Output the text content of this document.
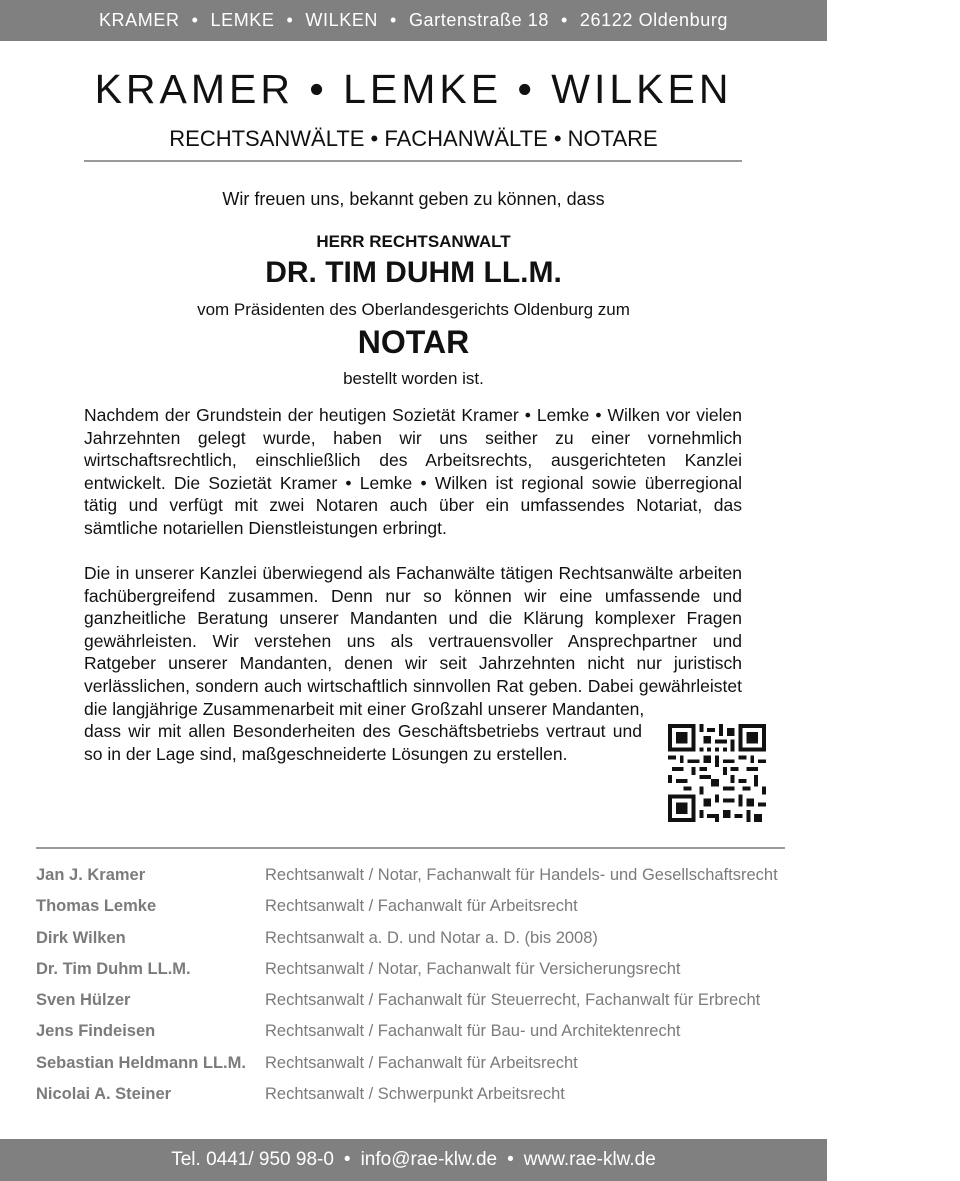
KRAMER • LEMKE • WILKEN • Gartenstraße 18 • 26122 Oldenburg
KRAMER • LEMKE • WILKEN
RECHTSANWÄLTE • FACHANWÄLTE • NOTARE
Wir freuen uns, bekannt geben zu können, dass
HERR RECHTSANWALT
DR. TIM DUHM LL.M.
vom Präsidenten des Oberlandesgerichts Oldenburg zum
NOTAR
bestellt worden ist.
Nachdem der Grundstein der heutigen Sozietät Kramer • Lemke • Wilken vor vielen Jahrzehnten gelegt wurde, haben wir uns seither zu einer vornehmlich wirtschaftsrechtlich, einschließlich des Arbeitsrechts, ausgerichteten Kanzlei entwickelt. Die Sozietät Kramer • Lemke • Wilken ist regional sowie überregional tätig und verfügt mit zwei Notaren auch über ein umfassendes Notariat, das sämtliche notariellen Dienstleistungen erbringt.
Die in unserer Kanzlei überwiegend als Fachanwälte tätigen Rechtsanwälte arbeiten fachübergreifend zusammen. Denn nur so können wir eine umfassende und ganzheitliche Beratung unserer Mandanten und die Klärung komplexer Fragen gewährleisten. Wir verstehen uns als vertrauensvoller Ansprechpartner und Ratgeber unserer Mandanten, denen wir seit Jahrzehnten nicht nur juristisch verlässlichen, sondern auch wirtschaftlich sinnvollen Rat geben. Dabei gewährleistet die langjährige Zusammenarbeit mit einer Großzahl unserer Mandanten,
dass wir mit allen Besonderheiten des Geschäftsbetriebs vertraut und so in der Lage sind, maßgeschneiderte Lösungen zu erstellen.
Jan J. Kramer	Rechtsanwalt / Notar, Fachanwalt für Handels- und Gesellschaftsrecht
Thomas Lemke	Rechtsanwalt / Fachanwalt für Arbeitsrecht
Dirk Wilken	Rechtsanwalt a. D. und Notar a. D. (bis 2008)
Dr. Tim Duhm LL.M.	Rechtsanwalt / Notar, Fachanwalt für Versicherungsrecht
Sven Hülzer	Rechtsanwalt / Fachanwalt für Steuerrecht, Fachanwalt für Erbrecht
Jens Findeisen	Rechtsanwalt / Fachanwalt für Bau- und Architektenrecht
Sebastian Heldmann LL.M. Rechtsanwalt / Fachanwalt für Arbeitsrecht
Nicolai A. Steiner	Rechtsanwalt / Schwerpunkt Arbeitsrecht
Tel. 0441/ 950 98-0 • info@rae-klw.de • www.rae-klw.de
